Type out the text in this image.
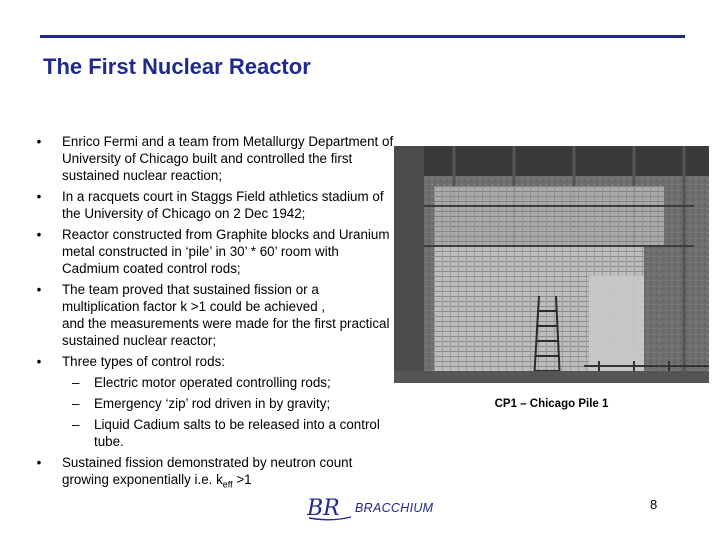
The First Nuclear Reactor
• Enrico Fermi and a team from Metallurgy Department of University of Chicago built and controlled the first sustained nuclear reaction;
• In a racquets court in Staggs Field athletics stadium of the University of Chicago on 2 Dec 1942;
• Reactor constructed from Graphite blocks and Uranium metal constructed in ‘pile’ in 30’ * 60’ room with Cadmium coated control rods;
• The team proved that sustained fission or a multiplication factor k >1 could be achieved ,
and the measurements were made for the first practical sustained nuclear reactor;
• Three types of control rods:
– Electric motor operated controlling rods;
– Emergency ‘zip’ rod driven in by gravity;
– Liquid Cadium salts to be released into a control tube.
• Sustained fission demonstrated by neutron count growing exponentially i.e. $k_{eff} >1$
CP1 – Chicago Pile 1
BR BRACCHIUM	8
